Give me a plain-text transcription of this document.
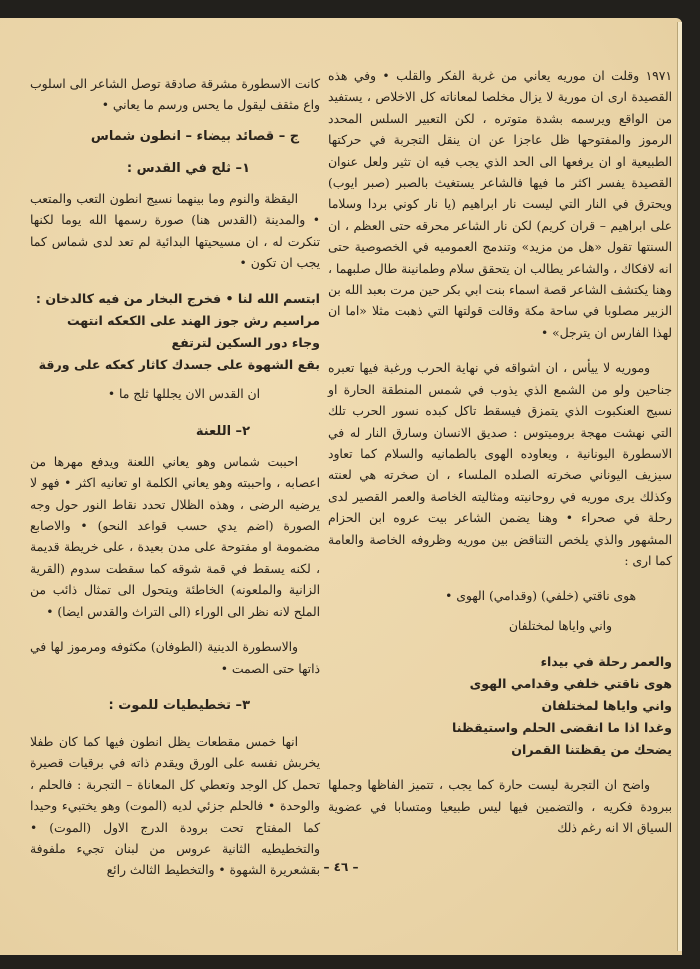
١٩٧١ وقلت ان موريه يعاني من غربة الفكر والقلب • وفي هذه القصيدة ارى ان مورية لا يزال مخلصا لمعاناته كل الاخلاص ، يستفيد من الواقع ويرسمه بشدة متوتره ، لكن التعبير السلس المحدد الرموز والمفتوحها ظل عاجزا عن ان ينقل التجربة في حركتها الطبيعية او ان يرفعها الى الحد الذي يجب فيه ان تثير ولعل عنوان القصيدة يفسر اكثر ما فيها فالشاعر يستغيث بالصبر (صبر ايوب) ويحترق في النار التي ليست نار ابراهيم (يا نار كوني بردا وسلاما على ابراهيم – قران كريم) لكن نار الشاعر محرقه حتى العظم ، ان السنتها تقول «هل من مزيد» وتندمج العموميه في الخصوصية حتى انه لافكاك ، والشاعر يطالب ان يتحقق سلام وطمانينة طال صلبهما ، وهنا يكتشف الشاعر قصة اسماء بنت ابي بكر حين مرت بعبد الله بن الزبير مصلوبا في ساحة مكة وقالت قولتها التي ذهبت مثلا «اما ان لهذا الفارس ان يترجل» •

وموريه لا ييأس ، ان اشواقه في نهاية الحرب ورغبة فيها تعبره جناحين ولو من الشمع الذي يذوب في شمس المنطقة الحارة او نسيج العنكبوت الذي يتمزق فيسقط تاكل كبده نسور الحرب تلك التي نهشت مهجة بروميتوس : صديق الانسان وسارق النار له في الاسطورة اليونانية ، ويعاوده الهوى بالطمانيه والسلام كما تعاود سيزيف اليوناني صخرته الصلده الملساء ، ان صخرته هي لعنته وكذلك يرى موريه في روحانيته ومثاليته الخاصة والعمر القصير لدى رحلة في صحراء • وهنا يضمن الشاعر بيت عروه ابن الحزام المشهور والذي يلخص التناقض بين موريه وظروفه الخاصة والعامة كما ارى :

هوى ناقتي (خلفي) (وقدامي) الهوى •

واني واياها لمختلفان

والعمر رحلة في بيداء

هوى ناقتي خلفي وقدامي الهوى

واني واياها لمختلفان

وغدا اذا ما انقضى الحلم واستيقظنا

يضحك من يقظتنا القمران

واضح ان التجربة ليست حارة كما يجب ، تتميز الفاظها وجملها ببرودة فكريه ، والتضمين فيها ليس طبيعيا ومتسابا في عضوية السياق الا انه رغم ذلك

كانت الاسطورة مشرقة صادقة توصل الشاعر الى اسلوب واع مثقف ليقول ما يحس ورسم ما يعاني •

ج – قصائد بيضاء – انطون شماس

١– ثلج في القدس :

اليقظة والنوم وما بينهما نسيج انطون التعب والمتعب • والمدينة (القدس هنا) صورة رسمها الله يوما لكنها تنكرت له ، ان مسيحيتها البدائية لم تعد لدى شماس كما يجب ان تكون •

ابتسم الله لنا • فخرج البخار من فيه كالدخان :

مراسيم رش جوز الهند على الكعكه انتهت

وجاء دور السكين لترتفع

بقع الشهوة على جسدك كاثار كعكه على ورقة

ان القدس الان يجللها ثلج ما •

٢– اللعنة

احببت شماس وهو يعاني اللعنة ويدفع مهرها من اعصابه ، واحببته وهو يعاني الكلمة او تعانيه اكثر • فهو لا يرضيه الرضى ، وهذه الظلال تحدد نقاط النور حول وجه الصورة (اضم يدي حسب قواعد النحو) • والاصابع مضمومة او مفتوحة على مدن بعيدة ، على خريطة قديمة ، لكنه يسقط في قمة شوقه كما سقطت سدوم (القرية الزانية والملعونه) الخاطئة ويتحول الى تمثال ذائب من الملح لانه نظر الى الوراء (الى التراث والقدس ايضا) •

والاسطورة الدينية (الطوفان) مكثوفه ومرموز لها في ذاتها حتى الصمت •

٣– تخطيطيات للموت :

انها خمس مقطعات يظل انطون فيها كما كان طفلا يخربش نفسه على الورق ويقدم ذاته في برقيات قصيرة تحمل كل الوجد وتعطي كل المعاناة – التجربة : فالحلم ، والوحدة • فالحلم جزئي لديه (الموت) وهو يختبيء وحيدا كما المفتاح تحت برودة الدرج الاول (الموت) • والتخطيطيه الثانية عروس من لبنان تجيء ملفوفة بقشعريرة الشهوة • والتخطيط الثالث رائع – ٤٦ –
